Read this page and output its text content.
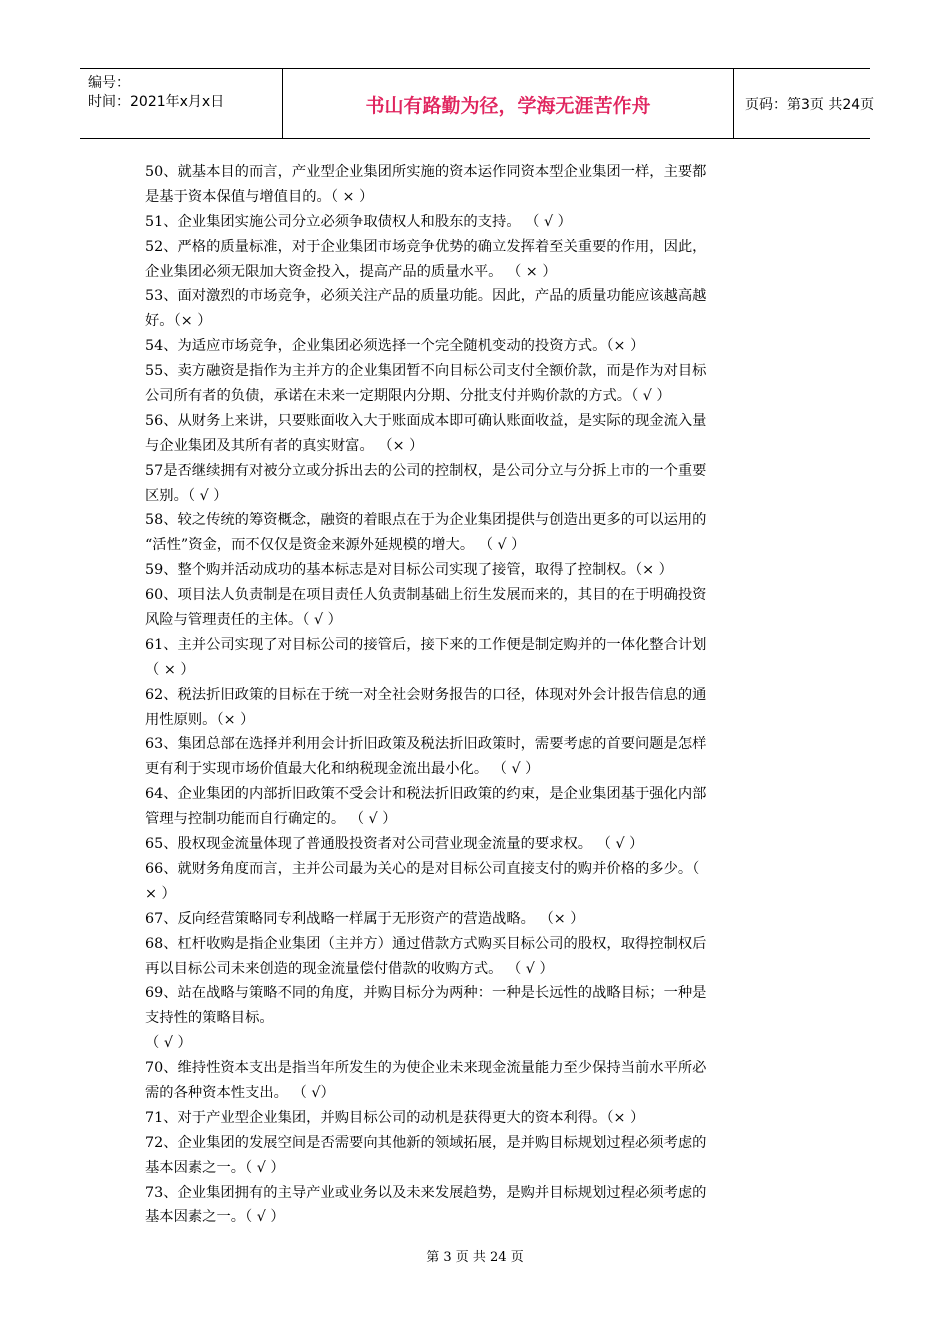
编号：
时间：2021年x月x日	书山有路勤为径，学海无涯苦作舟	页码：第3页 共24页
50、就基本目的而言，产业型企业集团所实施的资本运作同资本型企业集团一样，主要都
是基于资本保值与增值目的。（ × ）
51、企业集团实施公司分立必须争取债权人和股东的支持。 （ √ ）
52、严格的质量标准，对于企业集团市场竞争优势的确立发挥着至关重要的作用，因此，
企业集团必须无限加大资金投入，提高产品的质量水平。 （ × ）
53、面对激烈的市场竞争，必须关注产品的质量功能。因此，产品的质量功能应该越高越
好。（× ）
54、为适应市场竞争，企业集团必须选择一个完全随机变动的投资方式。（× ）
55、卖方融资是指作为主并方的企业集团暂不向目标公司支付全额价款，而是作为对目标
公司所有者的负债，承诺在未来一定期限内分期、分批支付并购价款的方式。（ √ ）
56、从财务上来讲，只要账面收入大于账面成本即可确认账面收益，是实际的现金流入量
与企业集团及其所有者的真实财富。 （× ）
57是否继续拥有对被分立或分拆出去的公司的控制权，是公司分立与分拆上市的一个重要
区别。（ √ ）
58、较之传统的筹资概念，融资的着眼点在于为企业集团提供与创造出更多的可以运用的
“活性”资金，而不仅仅是资金来源外延规模的增大。 （ √ ）
59、整个购并活动成功的基本标志是对目标公司实现了接管，取得了控制权。（× ）
60、项目法人负责制是在项目责任人负责制基础上衍生发展而来的，其目的在于明确投资
风险与管理责任的主体。（ √ ）
61、主并公司实现了对目标公司的接管后，接下来的工作便是制定购并的一体化整合计划
（ × ）
62、税法折旧政策的目标在于统一对全社会财务报告的口径，体现对外会计报告信息的通
用性原则。（× ）
63、集团总部在选择并利用会计折旧政策及税法折旧政策时，需要考虑的首要问题是怎样
更有利于实现市场价值最大化和纳税现金流出最小化。 （ √ ）
64、企业集团的内部折旧政策不受会计和税法折旧政策的约束，是企业集团基于强化内部
管理与控制功能而自行确定的。 （ √ ）
65、股权现金流量体现了普通股投资者对公司营业现金流量的要求权。 （ √ ）
66、就财务角度而言，主并公司最为关心的是对目标公司直接支付的购并价格的多少。（
× ）
67、反向经营策略同专利战略一样属于无形资产的营造战略。 （× ）
68、杠杆收购是指企业集团（主并方）通过借款方式购买目标公司的股权，取得控制权后
再以目标公司未来创造的现金流量偿付借款的收购方式。 （ √ ）
69、站在战略与策略不同的角度，并购目标分为两种：一种是长远性的战略目标；一种是
支持性的策略目标。
（ √ ）
70、维持性资本支出是指当年所发生的为使企业未来现金流量能力至少保持当前水平所必
需的各种资本性支出。 （ √）
71、对于产业型企业集团，并购目标公司的动机是获得更大的资本利得。（× ）
72、企业集团的发展空间是否需要向其他新的领域拓展，是并购目标规划过程必须考虑的
基本因素之一。（ √ ）
73、企业集团拥有的主导产业或业务以及未来发展趋势，是购并目标规划过程必须考虑的
基本因素之一。（ √ ）
第 3 页 共 24 页
